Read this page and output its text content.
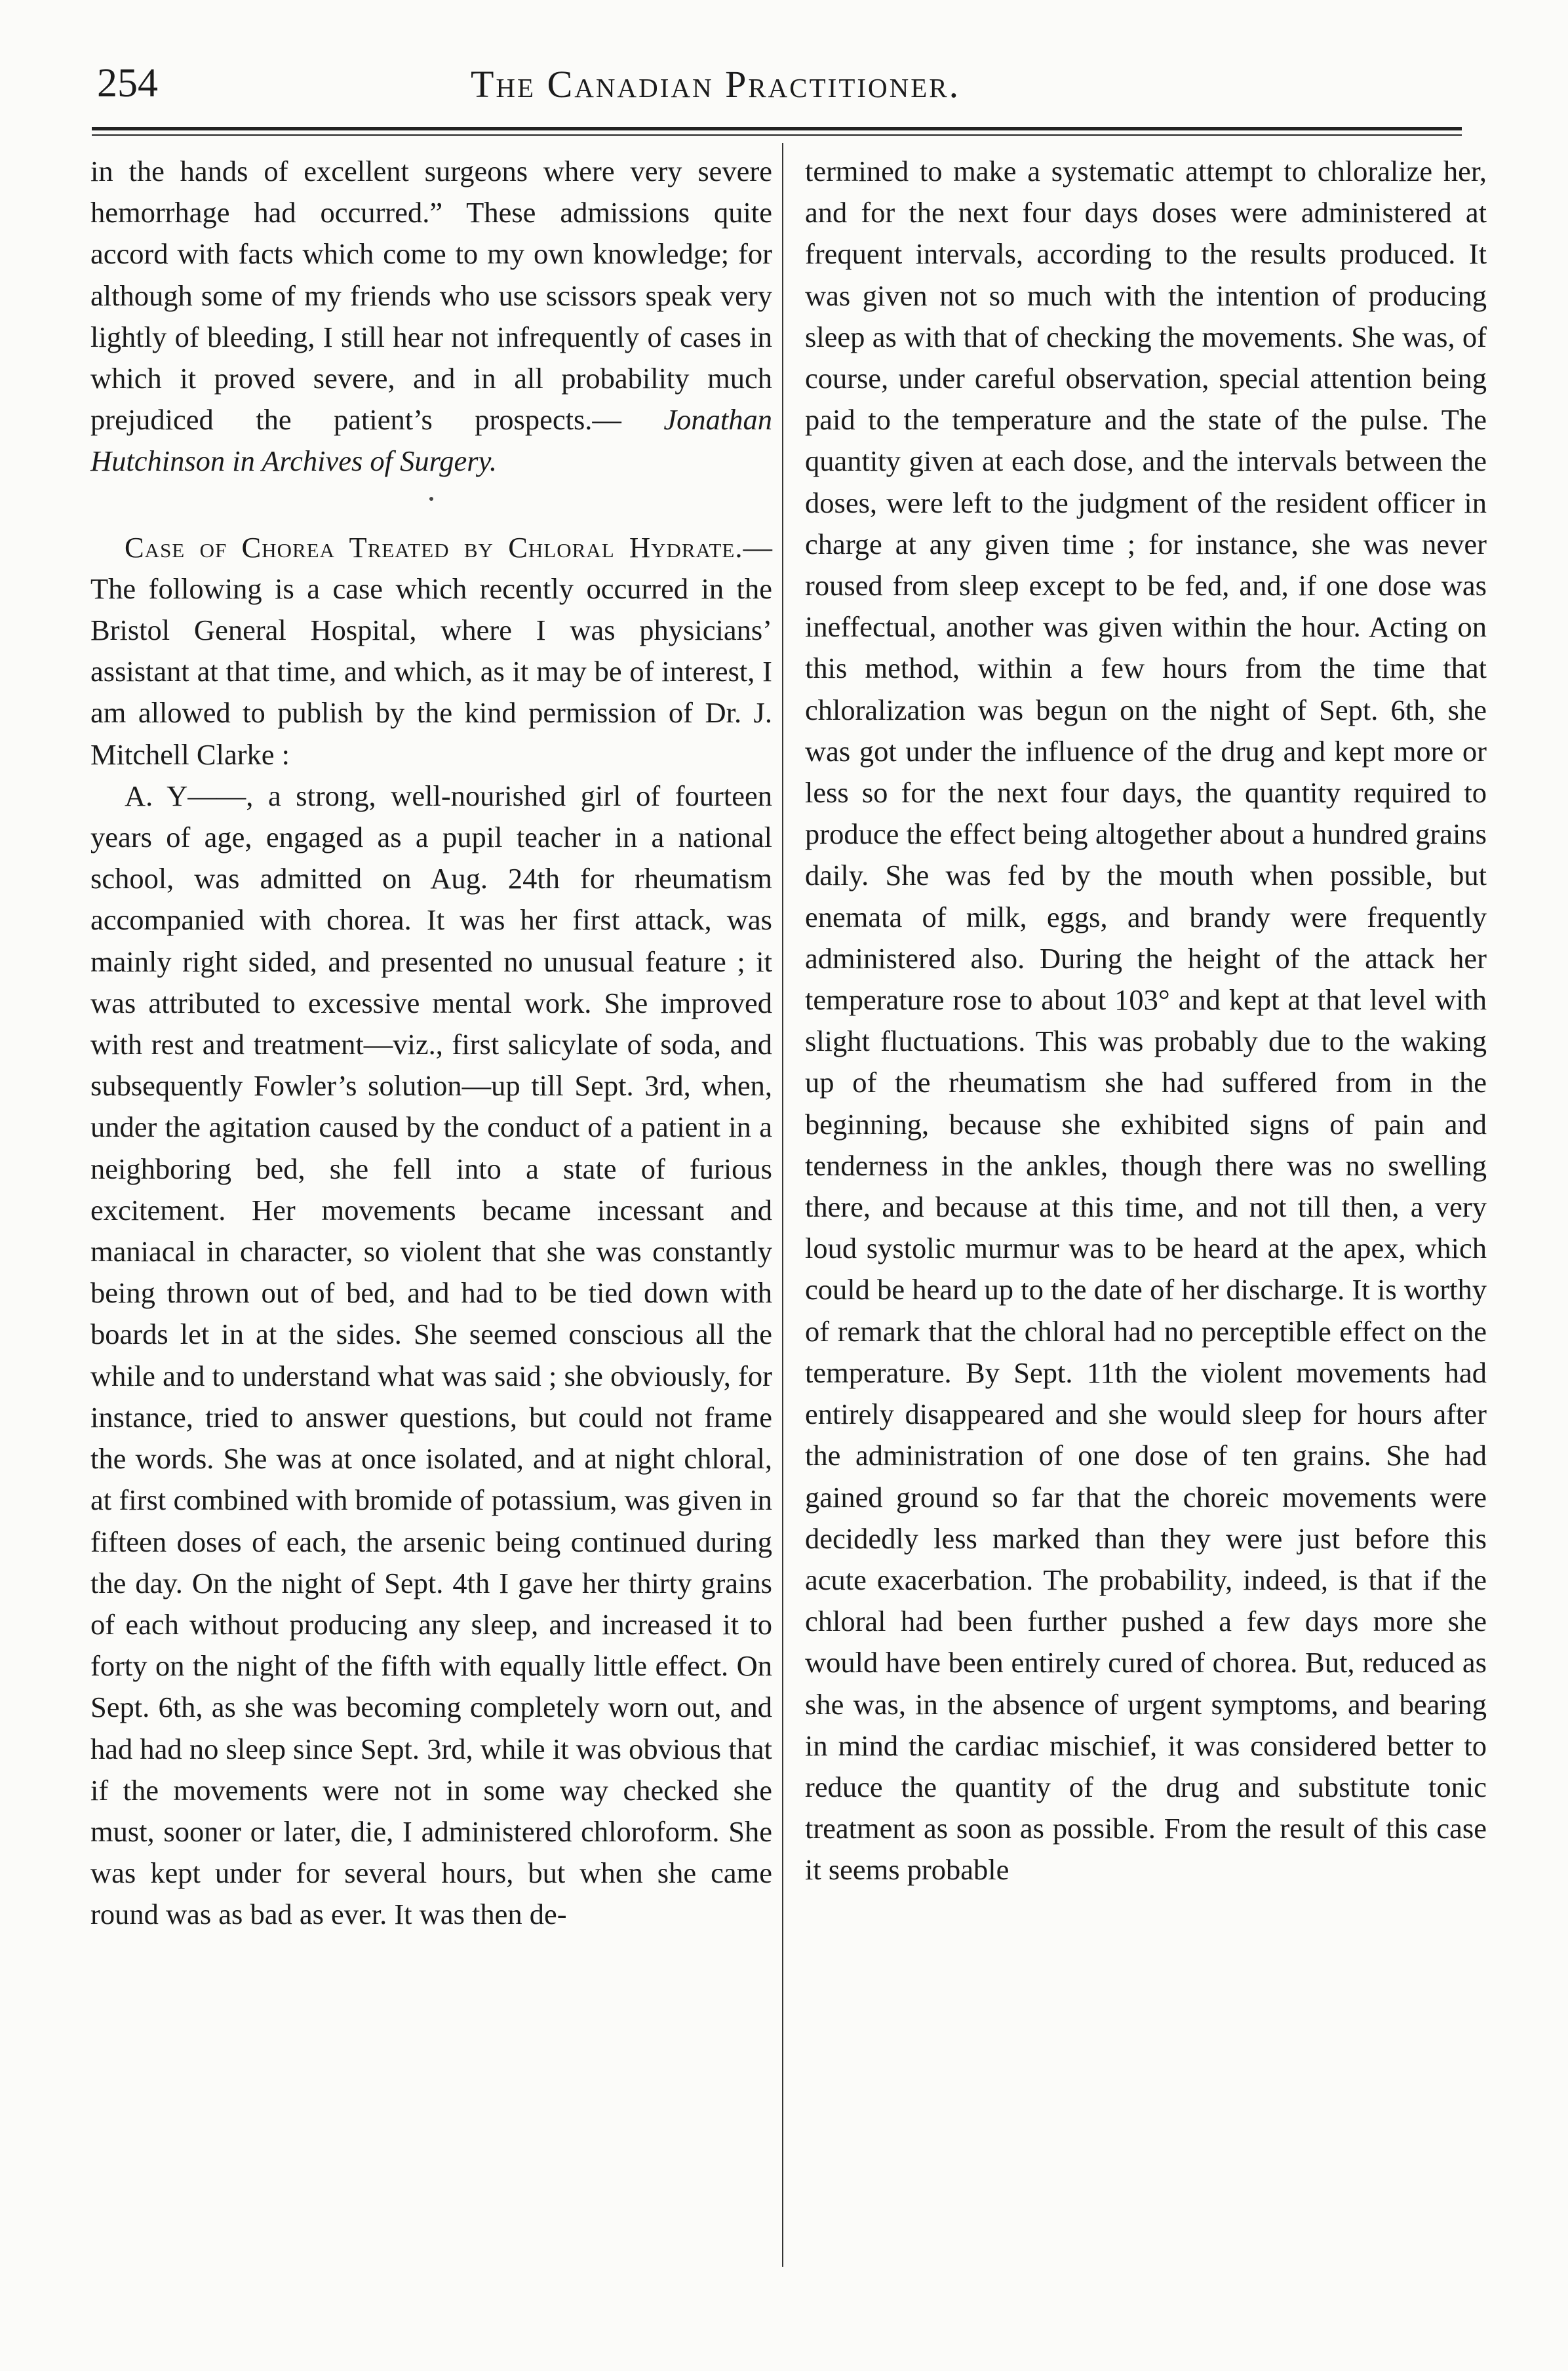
254	The Canadian Practitioner.

in the hands of excellent surgeons where very severe hemorrhage had occurred.” These admissions quite accord with facts which come to my own knowledge; for although some of my friends who use scissors speak very lightly of bleeding, I still hear not infrequently of cases in which it proved severe, and in all probability much prejudiced the patient’s prospects.— Jonathan Hutchinson in Archives of Surgery.

Case of Chorea Treated by Chloral Hydrate.—The following is a case which recently occurred in the Bristol General Hospital, where I was physicians’ assistant at that time, and which, as it may be of interest, I am allowed to publish by the kind permission of Dr. J. Mitchell Clarke :

A. Y——, a strong, well-nourished girl of fourteen years of age, engaged as a pupil teacher in a national school, was admitted on Aug. 24th for rheumatism accompanied with chorea. It was her first attack, was mainly right sided, and presented no unusual feature ; it was attributed to excessive mental work. She improved with rest and treatment—viz., first salicylate of soda, and subsequently Fowler’s solution—up till Sept. 3rd, when, under the agitation caused by the conduct of a patient in a neighboring bed, she fell into a state of furious excitement. Her movements became incessant and maniacal in character, so violent that she was constantly being thrown out of bed, and had to be tied down with boards let in at the sides. She seemed conscious all the while and to understand what was said ; she obviously, for instance, tried to answer questions, but could not frame the words. She was at once isolated, and at night chloral, at first combined with bromide of potassium, was given in fifteen doses of each, the arsenic being continued during the day. On the night of Sept. 4th I gave her thirty grains of each without producing any sleep, and increased it to forty on the night of the fifth with equally little effect. On Sept. 6th, as she was becoming completely worn out, and had had no sleep since Sept. 3rd, while it was obvious that if the movements were not in some way checked she must, sooner or later, die, I administered chloroform. She was kept under for several hours, but when she came round was as bad as ever. It was then de-

termined to make a systematic attempt to chloralize her, and for the next four days doses were administered at frequent intervals, according to the results produced. It was given not so much with the intention of producing sleep as with that of checking the movements. She was, of course, under careful observation, special attention being paid to the temperature and the state of the pulse. The quantity given at each dose, and the intervals between the doses, were left to the judgment of the resident officer in charge at any given time ; for instance, she was never roused from sleep except to be fed, and, if one dose was ineffectual, another was given within the hour. Acting on this method, within a few hours from the time that chloralization was begun on the night of Sept. 6th, she was got under the influence of the drug and kept more or less so for the next four days, the quantity required to produce the effect being altogether about a hundred grains daily. She was fed by the mouth when possible, but enemata of milk, eggs, and brandy were frequently administered also. During the height of the attack her temperature rose to about 103° and kept at that level with slight fluctuations. This was probably due to the waking up of the rheumatism she had suffered from in the beginning, because she exhibited signs of pain and tenderness in the ankles, though there was no swelling there, and because at this time, and not till then, a very loud systolic murmur was to be heard at the apex, which could be heard up to the date of her discharge. It is worthy of remark that the chloral had no perceptible effect on the temperature. By Sept. 11th the violent movements had entirely disappeared and she would sleep for hours after the administration of one dose of ten grains. She had gained ground so far that the choreic movements were decidedly less marked than they were just before this acute exacerbation. The probability, indeed, is that if the chloral had been further pushed a few days more she would have been entirely cured of chorea. But, reduced as she was, in the absence of urgent symptoms, and bearing in mind the cardiac mischief, it was considered better to reduce the quantity of the drug and substitute tonic treatment as soon as possible. From the result of this case it seems probable
